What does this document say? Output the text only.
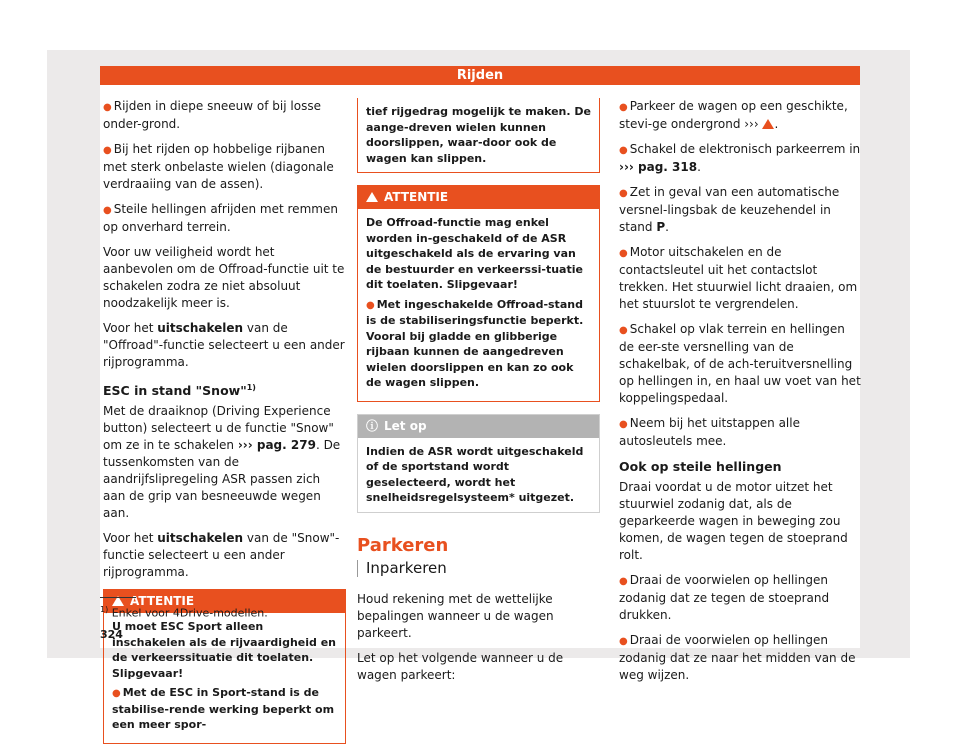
Rijden

● Rijden in diepe sneeuw of bij losse onder-grond.

● Bij het rijden op hobbelige rijbanen met sterk onbelaste wielen (diagonale verdraaiing van de assen).

● Steile hellingen afrijden met remmen op onverhard terrein.

Voor uw veiligheid wordt het aanbevolen om de Offroad-functie uit te schakelen zodra ze niet absoluut noodzakelijk meer is.

Voor het uitschakelen van de "Offroad"-functie selecteert u een ander rijprogramma.

ESC in stand "Snow"$^{1)}$

Met de draaiknop (Driving Experience button) selecteert u de functie "Snow" om ze in te schakelen ››› pag. 279. De tussenkomsten van de aandrijfslipregeling ASR passen zich aan de grip van besneeuwde wegen aan.

Voor het uitschakelen van de "Snow"-functie selecteert u een ander rijprogramma.

ATTENTIE

U moet ESC Sport alleen inschakelen als de rijvaardigheid en de verkeerssituatie dit toelaten. Slipgevaar!

● Met de ESC in Sport-stand is de stabilise-rende werking beperkt om een meer spor-

tief rijgedrag mogelijk te maken. De aange-dreven wielen kunnen doorslippen, waar-door ook de wagen kan slippen.
ATTENTIE

De Offroad-functie mag enkel worden in-geschakeld of de ASR uitgeschakeld als de ervaring van de bestuurder en verkeerssi-tuatie dit toelaten. Slipgevaar!

● Met ingeschakelde Offroad-stand is de stabiliseringsfunctie beperkt. Vooral bij gladde en glibberige rijbaan kunnen de aangedreven wielen doorslippen en kan zo ook de wagen slippen.

ⓘ Let op
Indien de ASR wordt uitgeschakeld of de sportstand wordt geselecteerd, wordt het snelheidsregelsysteem* uitgezet.
Parkeren
Inparkeren

Houd rekening met de wettelijke bepalingen wanneer u de wagen parkeert.

Let op het volgende wanneer u de wagen parkeert:

● Parkeer de wagen op een geschikte, stevi-ge ondergrond ››› .

● Schakel de elektronisch parkeerrem in ››› pag. 318.

● Zet in geval van een automatische versnel-lingsbak de keuzehendel in stand P.

● Motor uitschakelen en de contactsleutel uit het contactslot trekken. Het stuurwiel licht draaien, om het stuurslot te vergrendelen.

● Schakel op vlak terrein en hellingen de eer-ste versnelling van de schakelbak, of de ach-teruitversnelling op hellingen in, en haal uw voet van het koppelingspedaal.

● Neem bij het uitstappen alle autosleutels mee.

Ook op steile hellingen

Draai voordat u de motor uitzet het stuurwiel zodanig dat, als de geparkeerde wagen in beweging zou komen, de wagen tegen de stoeprand rolt.

● Draai de voorwielen op hellingen zodanig dat ze tegen de stoeprand drukken.

● Draai de voorwielen op hellingen zodanig dat ze naar het midden van de weg wijzen.

$^{1)}$ Enkel voor 4Drive-modellen.
324
